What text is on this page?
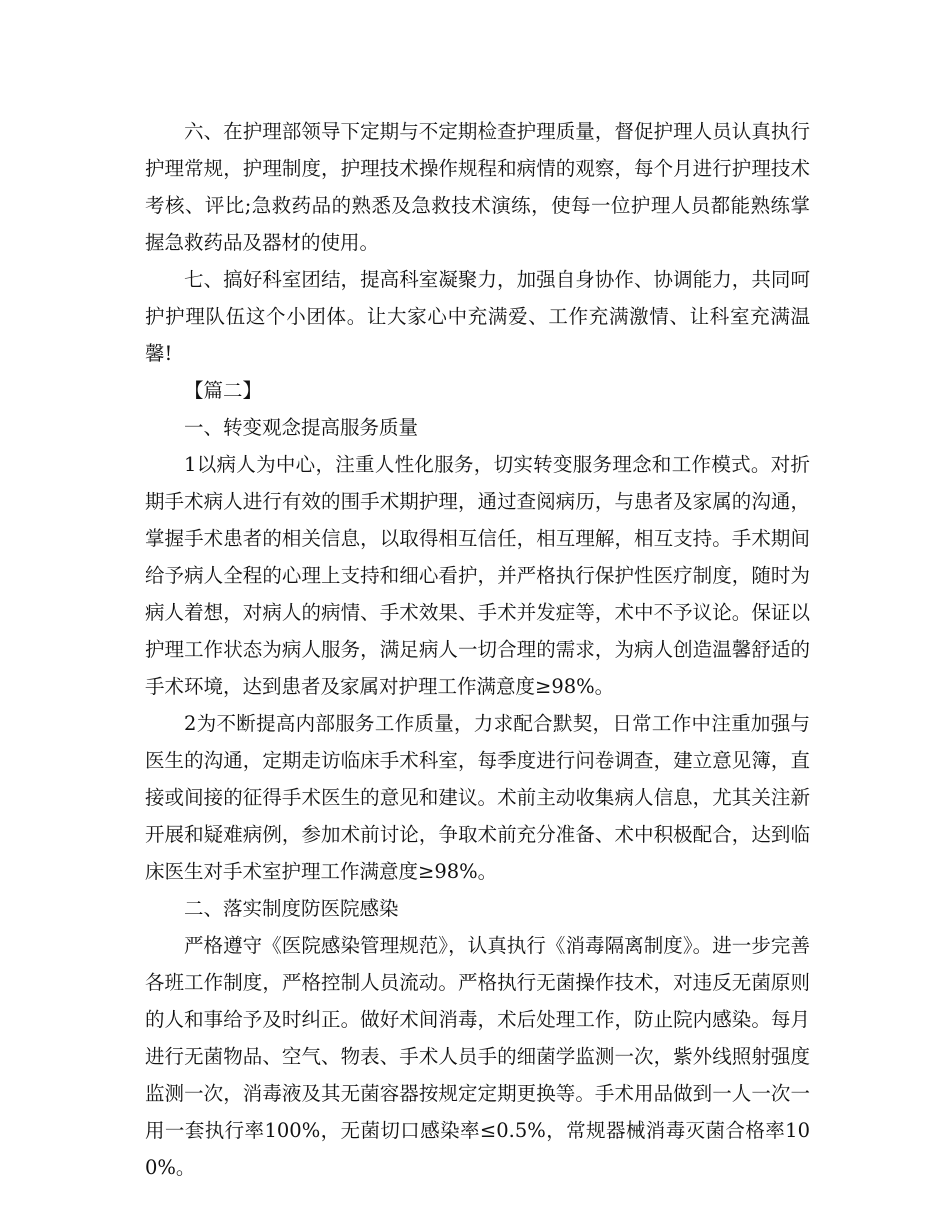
六、在护理部领导下定期与不定期检查护理质量，督促护理人员认真执行护理常规，护理制度，护理技术操作规程和病情的观察，每个月进行护理技术考核、评比;急救药品的熟悉及急救技术演练，使每一位护理人员都能熟练掌握急救药品及器材的使用。

七、搞好科室团结，提高科室凝聚力，加强自身协作、协调能力，共同呵护护理队伍这个小团体。让大家心中充满爱、工作充满激情、让科室充满温馨!

【篇二】

一、转变观念提高服务质量

1以病人为中心，注重人性化服务，切实转变服务理念和工作模式。对折期手术病人进行有效的围手术期护理，通过查阅病历，与患者及家属的沟通，掌握手术患者的相关信息，以取得相互信任，相互理解，相互支持。手术期间给予病人全程的心理上支持和细心看护，并严格执行保护性医疗制度，随时为病人着想，对病人的病情、手术效果、手术并发症等，术中不予议论。保证以护理工作状态为病人服务，满足病人一切合理的需求，为病人创造温馨舒适的手术环境，达到患者及家属对护理工作满意度≥98%。

2为不断提高内部服务工作质量，力求配合默契，日常工作中注重加强与医生的沟通，定期走访临床手术科室，每季度进行问卷调查，建立意见簿，直接或间接的征得手术医生的意见和建议。术前主动收集病人信息，尤其关注新开展和疑难病例，参加术前讨论，争取术前充分准备、术中积极配合，达到临床医生对手术室护理工作满意度≥98%。

二、落实制度防医院感染

严格遵守《医院感染管理规范》，认真执行《消毒隔离制度》。进一步完善各班工作制度，严格控制人员流动。严格执行无菌操作技术，对违反无菌原则的人和事给予及时纠正。做好术间消毒，术后处理工作，防止院内感染。每月进行无菌物品、空气、物表、手术人员手的细菌学监测一次，紫外线照射强度监测一次，消毒液及其无菌容器按规定定期更换等。手术用品做到一人一次一用一套执行率100%，无菌切口感染率≤0.5%，常规器械消毒灭菌合格率100%。
